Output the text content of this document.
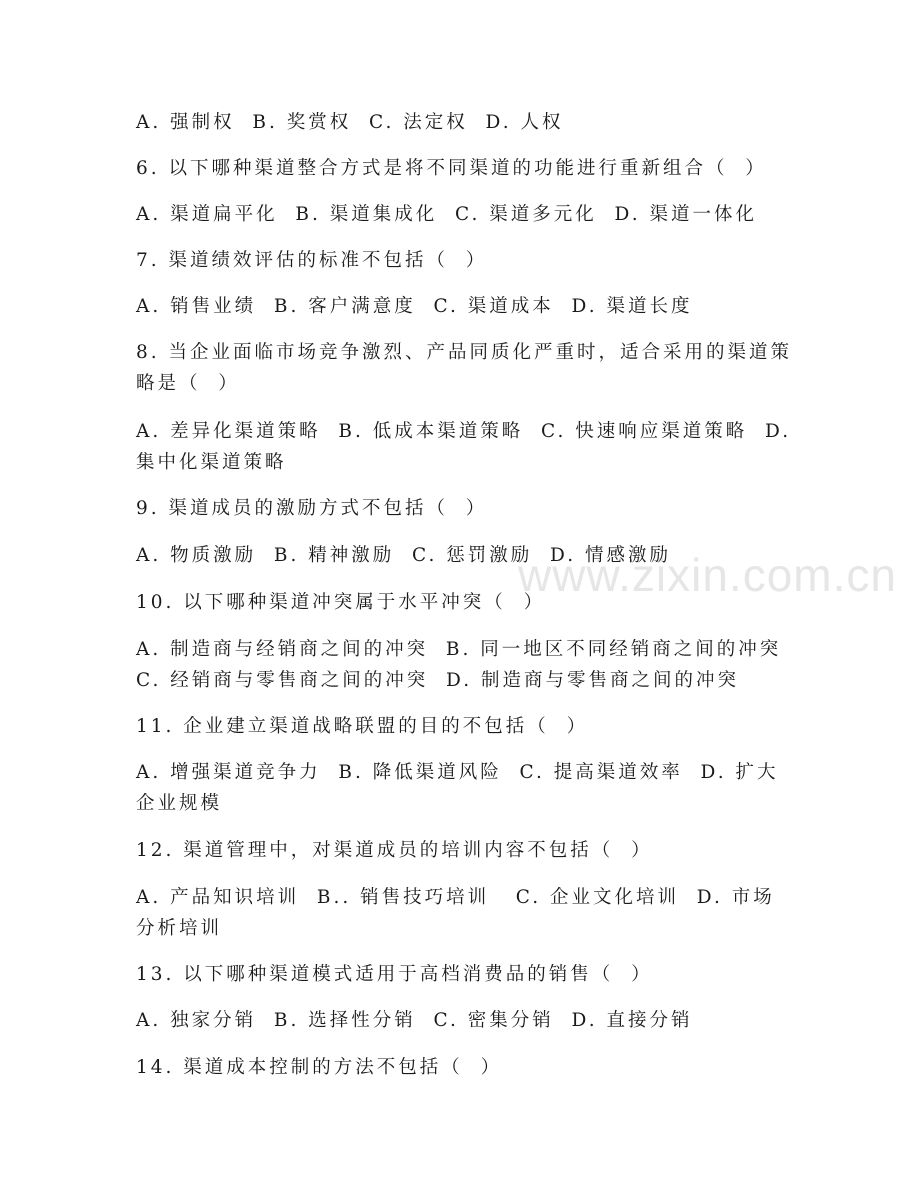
www.zixin.com.cn
A. 强制权  B. 奖赏权  C. 法定权  D. 人权
6. 以下哪种渠道整合方式是将不同渠道的功能进行重新组合（  ）
A. 渠道扁平化  B. 渠道集成化  C. 渠道多元化  D. 渠道一体化
7. 渠道绩效评估的标准不包括（  ）
A. 销售业绩  B. 客户满意度  C. 渠道成本  D. 渠道长度
8. 当企业面临市场竞争激烈、产品同质化严重时，适合采用的渠道策
略是（  ）
A. 差异化渠道策略  B. 低成本渠道策略  C. 快速响应渠道策略  D.
集中化渠道策略
9. 渠道成员的激励方式不包括（  ）
A. 物质激励  B. 精神激励  C. 惩罚激励  D. 情感激励
10. 以下哪种渠道冲突属于水平冲突（  ）
A. 制造商与经销商之间的冲突  B. 同一地区不同经销商之间的冲突
C. 经销商与零售商之间的冲突  D. 制造商与零售商之间的冲突
11. 企业建立渠道战略联盟的目的不包括（  ）
A. 增强渠道竞争力  B. 降低渠道风险  C. 提高渠道效率  D. 扩大
企业规模
12. 渠道管理中，对渠道成员的培训内容不包括（  ）
A. 产品知识培训  B.. 销售技巧培训   C. 企业文化培训  D. 市场
分析培训
13. 以下哪种渠道模式适用于高档消费品的销售（  ）
A. 独家分销  B. 选择性分销  C. 密集分销  D. 直接分销
14. 渠道成本控制的方法不包括（  ）
